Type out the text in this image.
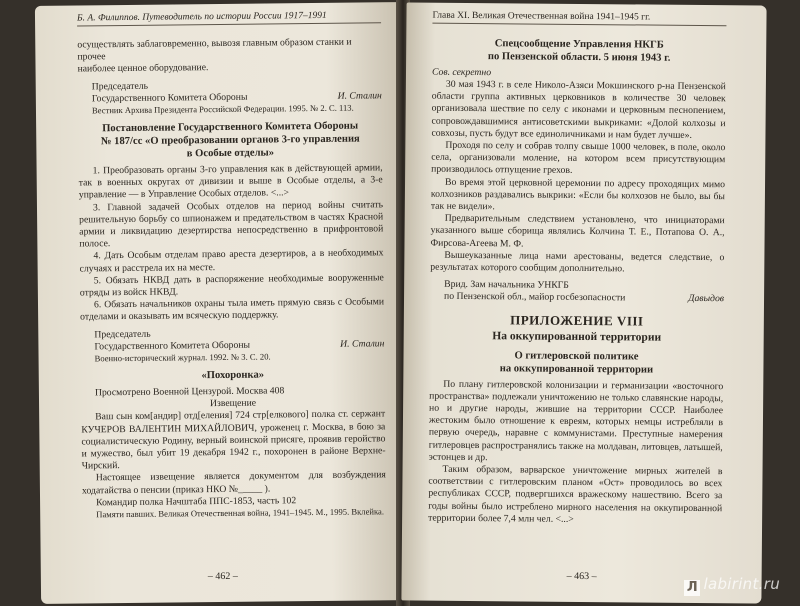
Б. А. Филиппов. Путеводитель по истории России 1917–1991

осуществлять заблаговременно, вывозя главным образом станки и прочее

наиболее ценное оборудование.

Председатель

Государственного Комитета Обороны	И. Сталин
Вестник Архива Президента Российской Федерации. 1995. № 2. С. 113.
Постановление Государственного Комитета Обороны
№ 187/сс «О преобразовании органов 3-го управления
в Особые отделы»

1. Преобразовать органы 3-го управления как в действующей армии, так в военных округах от дивизии и выше в Особые отделы, а 3-е управление — в Управление Особых отделов. <...>

3. Главной задачей Особых отделов на период войны считать решительную борьбу со шпионажем и предательством в частях Красной армии и ликвидацию дезертирства непосредственно в прифронтовой полосе.

4. Дать Особым отделам право ареста дезертиров, а в необходимых случаях и расстрела их на месте.

5. Обязать НКВД дать в распоряжение необходимые вооруженные отряды из войск НКВД.

6. Обязать начальников охраны тыла иметь прямую связь с Особыми отделами и оказывать им всяческую поддержку.

Председатель

Государственного Комитета Обороны	И. Сталин
Военно-исторический журнал. 1992. № 3. С. 20.
«Похоронка»

Просмотрено Военной Цензурой. Москва 408

Извещение

Ваш сын ком[андир] отд[еления] 724 стр[елкового] полка ст. сержант КУЧЕРОВ ВАЛЕНТИН МИХАЙЛОВИЧ, уроженец г. Москва, в бою за социалистическую Родину, верный воинской присяге, проявив геройство и мужество, был убит 19 декабря 1942 г., похоронен в районе Верхне-Чирский.

Настоящее извещение является документом для возбуждения ходатайства о пенсии (приказ НКО №_____ ).

Командир полка Начштаба ППС-1853, часть 102

Памяти павших. Великая Отечественная война, 1941–1945. М., 1995. Вклейка.
– 462 –
Глава XI. Великая Отечественная война 1941–1945 гг.
Спецсообщение Управления НКГБ
по Пензенской области. 5 июня 1943 г.
Сов. секретно

30 мая 1943 г. в селе Николо-Азяси Мокшинского р-на Пензенской области группа активных церковников в количестве 30 человек организовала шествие по селу с иконами и церковным песнопением, сопровождавшимися антисоветскими выкриками: «Долой колхозы и совхозы, пусть будут все единоличниками и нам будет лучше».

Проходя по селу и собрав толпу свыше 1000 человек, в поле, около села, организовали моление, на котором всем присутствующим производилось отпущение грехов.

Во время этой церковной церемонии по адресу проходящих мимо колхозников раздавались выкрики: «Если бы колхозов не было, вы бы так не видели».

Предварительным следствием установлено, что инициаторами указанного выше сборища являлись Колчина Т. Е., Потапова О. А., Фирсова-Агеева М. Ф.

Вышеуказанные лица нами арестованы, ведется следствие, о результатах которого сообщим дополнительно.

Врид. Зам начальника УНКГБ

по Пензенской обл., майор госбезопасности	Давыдов
ПРИЛОЖЕНИЕ VIII
На оккупированной территории
О гитлеровской политике
на оккупированной территории

По плану гитлеровской колонизации и германизации «восточного пространства» подлежали уничтожению не только славянские народы, но и другие народы, жившие на территории СССР. Наиболее жестоким было отношение к евреям, которых немцы истребляли в первую очередь, наравне с коммунистами. Преступные намерения гитлеровцев распространялись также на молдаван, литовцев, латышей, эстонцев и др.

Таким образом, варварское уничтожение мирных жителей в соответствии с гитлеровским планом «Ост» проводилось во всех республиках СССР, подвергшихся вражескому нашествию. Всего за годы войны было истреблено мирного населения на оккупированной территории более 7,4 млн чел. <...>

– 463 –
Л labirint.ru
